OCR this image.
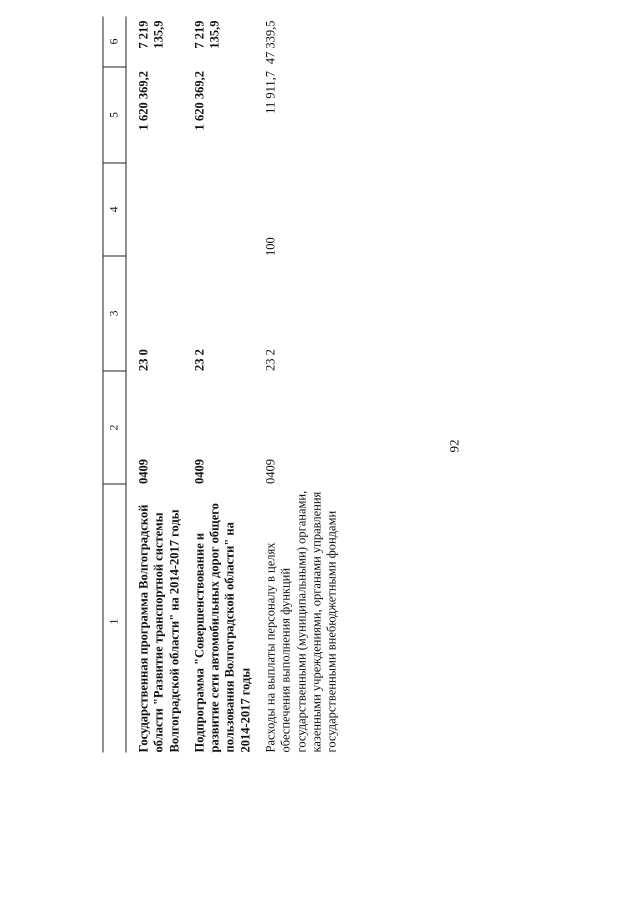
92
1	2	3	4	5	6
Государственная программа Волгоградской области "Развитие транспортной системы Волгоградской области" на 2014-2017 годы	0409	23 0		1 620 369,2	7 219 135,9
Подпрограмма "Совершенствование и развитие сети автомобильных дорог общего пользования Волгоградской области" на 2014-2017 годы	0409	23 2		1 620 369,2	7 219 135,9
Расходы на выплаты персоналу в целях обеспечения выполнения функций государственными (муниципальными) органами, казенными учреждениями, органами управления государственными внебюджетными фондами	0409	23 2	100	11 911,7	47 339,5
